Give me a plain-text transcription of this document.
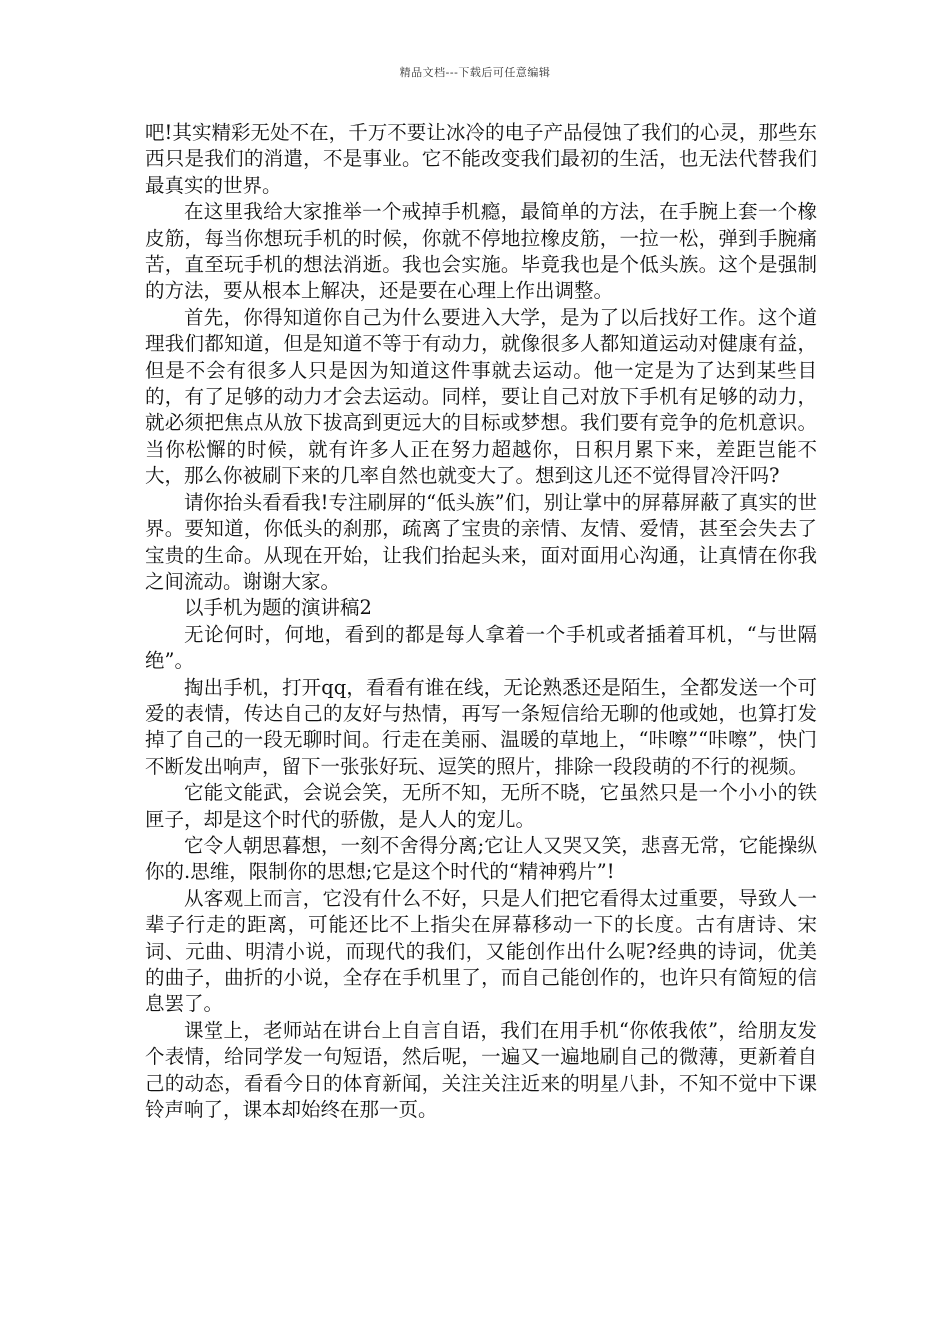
精品文档---下载后可任意编辑

吧!其实精彩无处不在，千万不要让冰冷的电子产品侵蚀了我们的心灵，那些东西只是我们的消遣，不是事业。它不能改变我们最初的生活，也无法代替我们最真实的世界。

在这里我给大家推举一个戒掉手机瘾，最简单的方法，在手腕上套一个橡皮筋，每当你想玩手机的时候，你就不停地拉橡皮筋，一拉一松，弹到手腕痛苦，直至玩手机的想法消逝。我也会实施。毕竟我也是个低头族。这个是强制的方法，要从根本上解决，还是要在心理上作出调整。

首先，你得知道你自己为什么要进入大学，是为了以后找好工作。这个道理我们都知道，但是知道不等于有动力，就像很多人都知道运动对健康有益，但是不会有很多人只是因为知道这件事就去运动。他一定是为了达到某些目的，有了足够的动力才会去运动。同样，要让自己对放下手机有足够的动力，就必须把焦点从放下拔高到更远大的目标或梦想。我们要有竞争的危机意识。当你松懈的时候，就有许多人正在努力超越你，日积月累下来，差距岂能不大，那么你被刷下来的几率自然也就变大了。想到这儿还不觉得冒冷汗吗?

请你抬头看看我!专注刷屏的“低头族”们，别让掌中的屏幕屏蔽了真实的世界。要知道，你低头的刹那，疏离了宝贵的亲情、友情、爱情，甚至会失去了宝贵的生命。从现在开始，让我们抬起头来，面对面用心沟通，让真情在你我之间流动。谢谢大家。

以手机为题的演讲稿2

无论何时，何地，看到的都是每人拿着一个手机或者插着耳机，“与世隔绝”。

掏出手机，打开qq，看看有谁在线，无论熟悉还是陌生，全都发送一个可爱的表情，传达自己的友好与热情，再写一条短信给无聊的他或她，也算打发掉了自己的一段无聊时间。行走在美丽、温暖的草地上，“咔嚓”“咔嚓”，快门不断发出响声，留下一张张好玩、逗笑的照片，排除一段段萌的不行的视频。

它能文能武，会说会笑，无所不知，无所不晓，它虽然只是一个小小的铁匣子，却是这个时代的骄傲，是人人的宠儿。

它令人朝思暮想，一刻不舍得分离;它让人又哭又笑，悲喜无常，它能操纵你的.思维，限制你的思想;它是这个时代的“精神鸦片”!

从客观上而言，它没有什么不好，只是人们把它看得太过重要，导致人一辈子行走的距离，可能还比不上指尖在屏幕移动一下的长度。古有唐诗、宋词、元曲、明清小说，而现代的我们，又能创作出什么呢?经典的诗词，优美的曲子，曲折的小说，全存在手机里了，而自己能创作的，也许只有简短的信息罢了。

课堂上，老师站在讲台上自言自语，我们在用手机“你侬我侬”，给朋友发个表情，给同学发一句短语，然后呢，一遍又一遍地刷自己的微薄，更新着自己的动态，看看今日的体育新闻，关注关注近来的明星八卦，不知不觉中下课铃声响了，课本却始终在那一页。
